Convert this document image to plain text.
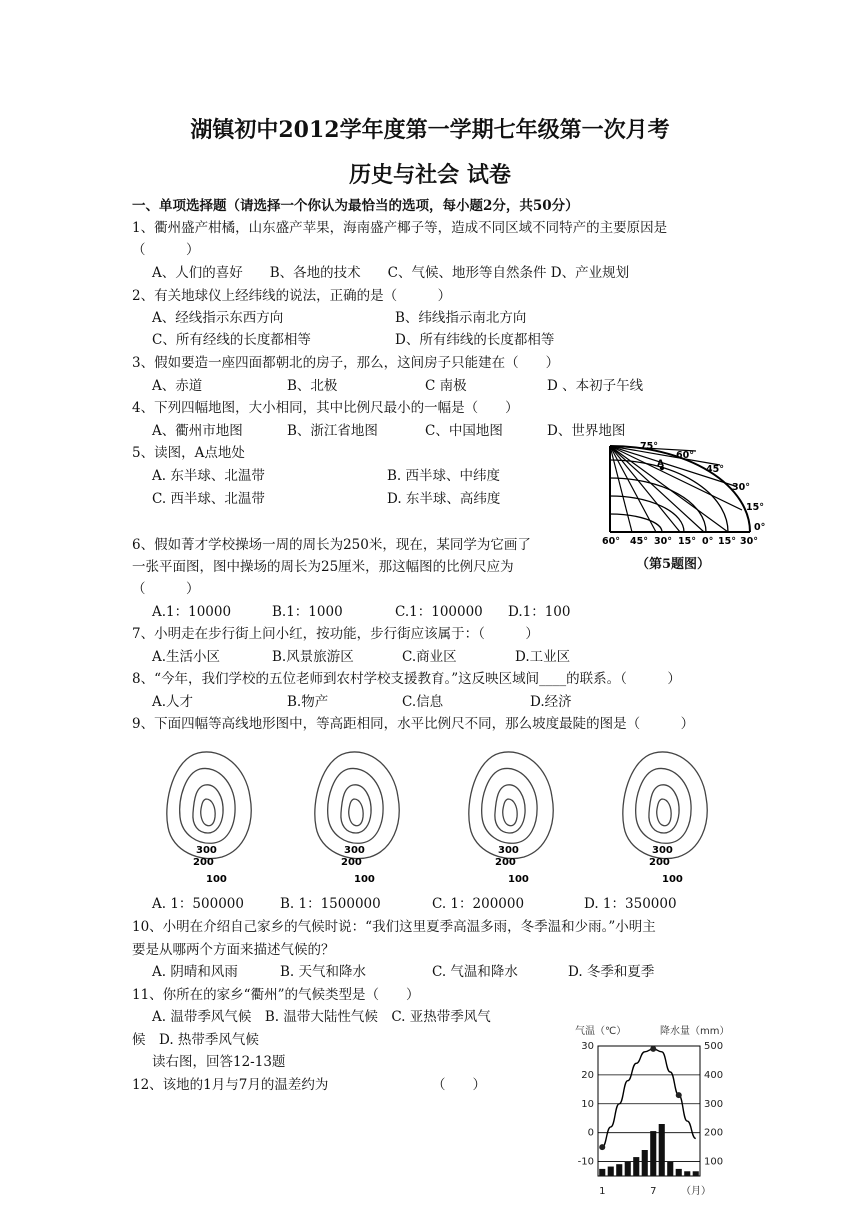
湖镇初中2012学年度第一学期七年级第一次月考
历史与社会 试卷
一、单项选择题（请选择一个你认为最恰当的选项，每小题2分，共50分）
1、衢州盛产柑橘，山东盛产苹果，海南盛产椰子等，造成不同区域不同特产的主要原因是
（　　　）
A、人们的喜好　　B、各地的技术　　C、气候、地形等自然条件 D、产业规划
2、有关地球仪上经纬线的说法，正确的是（　　　）
A、经线指示东西方向	B、纬线指示南北方向
C、所有经线的长度都相等	D、所有纬线的长度都相等
3、假如要造一座四面都朝北的房子，那么，这间房子只能建在（　　）
A、赤道	B、北极	C 南极	D 、本初子午线
4、下列四幅地图，大小相同，其中比例尺最小的一幅是（　　）
A、衢州市地图	B、浙江省地图	C、中国地图	D、世界地图
5、读图，A点地处
A. 东半球、北温带	B. 西半球、中纬度
C. 西半球、北温带	D. 东半球、高纬度
A
75°
60°
45°
30°
15°
0°
60° 45° 30° 15° 0° 15° 30°
（第5题图）
6、假如菁才学校操场一周的周长为250米，现在，某同学为它画了
一张平面图，图中操场的周长为25厘米，那这幅图的比例尺应为
（　　　）
A.1：10000	B.1：1000	C.1：100000 D.1：100
7、小明走在步行街上问小红，按功能，步行街应该属于：（　　　）
A.生活小区	B.风景旅游区	C.商业区	D.工业区
8、“今年，我们学校的五位老师到农村学校支援教育。”这反映区域间____的联系。（　　　）
A.人才	B.物产	C.信息	D.经济
9、下面四幅等高线地形图中，等高距相同，水平比例尺不同，那么坡度最陡的图是（　　　）
300
200
100
300
200
100
300
200
100
300
200
100
A. 1：500000	B. 1：1500000	C. 1：200000	D. 1：350000
10、小明在介绍自己家乡的气候时说：“我们这里夏季高温多雨，冬季温和少雨。”小明主
要是从哪两个方面来描述气候的？
A. 阴晴和风雨	B. 天气和降水	C. 气温和降水	D. 冬季和夏季
11、你所在的家乡“衢州”的气候类型是（　　）
A. 温带季风气候　B. 温带大陆性气候　C. 亚热带季风气
候　D. 热带季风气候
读右图，回答12-13题
12、该地的1月与7月的温差约为	（　　）
气温（℃）	降水量（mm）
30
20
10
0
-10
500
400
300
200
100
1	7 （月）
